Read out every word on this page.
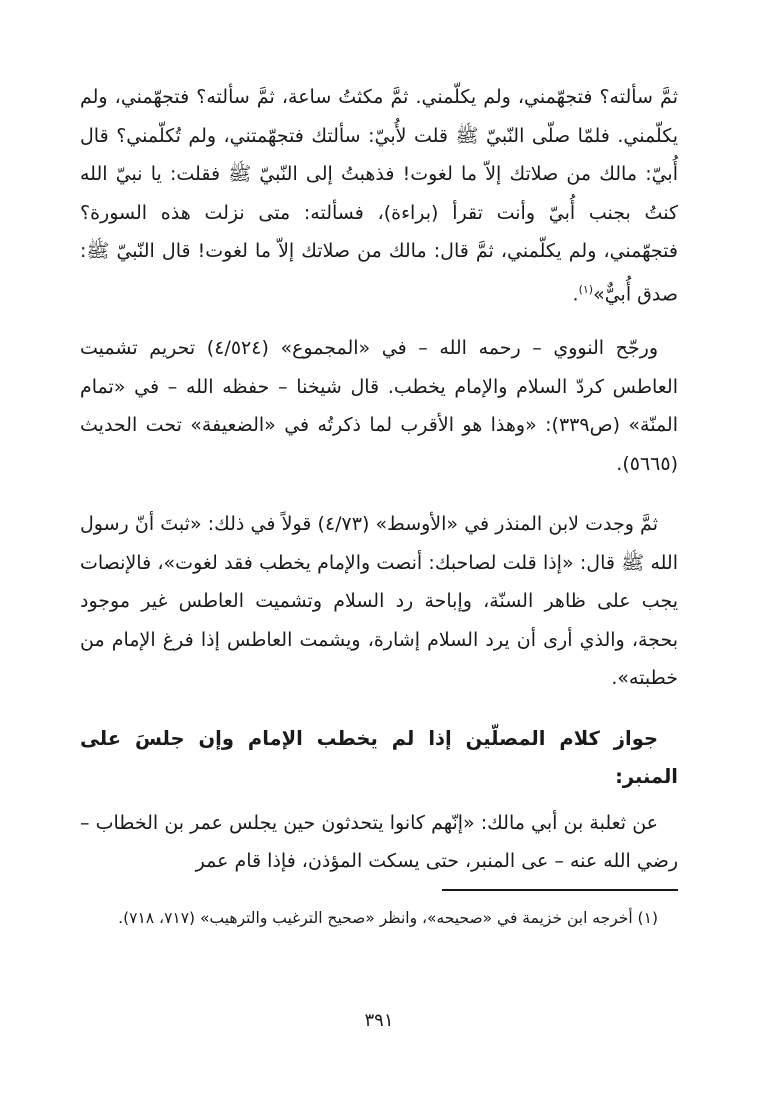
ثمَّ سألته؟ فتجهّمني، ولم يكلّمني. ثمَّ مكثتُ ساعة، ثمَّ سألته؟ فتجهّمني، ولم يكلّمني. فلمّا صلّى النّبيّ ﷺ قلت لأُبيّ: سألتك فتجهّمتني، ولم تُكلّمني؟ قال أُبيّ: مالك من صلاتك إلاّ ما لغوت! فذهبتُ إلى النّبيّ ﷺ فقلت: يا نبيّ الله كنتُ بجنب أُبيّ وأنت تقرأ (براءة)، فسألته: متى نزلت هذه السورة؟ فتجهّمني، ولم يكلّمني، ثمَّ قال: مالك من صلاتك إلاّ ما لغوت! قال النّبيّ ﷺ: صدق أُبيٌّ»$^{(١)}$.

ورجّح النووي – رحمه الله – في «المجموع» (٤/٥٢٤) تحريم تشميت العاطس كردّ السلام والإمام يخطب. قال شيخنا – حفظه الله – في «تمام المنّة» (ص٣٣٩): «وهذا هو الأقرب لما ذكرتُه في «الضعيفة» تحت الحديث (٥٦٦٥).

ثمَّ وجدت لابن المنذر في «الأوسط» (٤/٧٣) قولاً في ذلك: «ثبتَ أنّ رسول الله ﷺ قال: «إذا قلت لصاحبك: أنصت والإمام يخطب فقد لغوت»، فالإنصات يجب على ظاهر السنّة، وإباحة رد السلام وتشميت العاطس غير موجود بحجة، والذي أرى أن يرد السلام إشارة، ويشمت العاطس إذا فرغ الإمام من خطبته».

جواز كلام المصلّين إذا لم يخطب الإمام وإن جلسَ على المنبر:

عن ثعلبة بن أبي مالك: «إنّهم كانوا يتحدثون حين يجلس عمر بن الخطاب – رضي الله عنه – عى المنبر، حتى يسكت المؤذن، فإذا قام عمر

(١) أخرجه ابن خزيمة في «صحيحه»، وانظر «صحيح الترغيب والترهيب» (٧١٧، ٧١٨).

٣٩١
